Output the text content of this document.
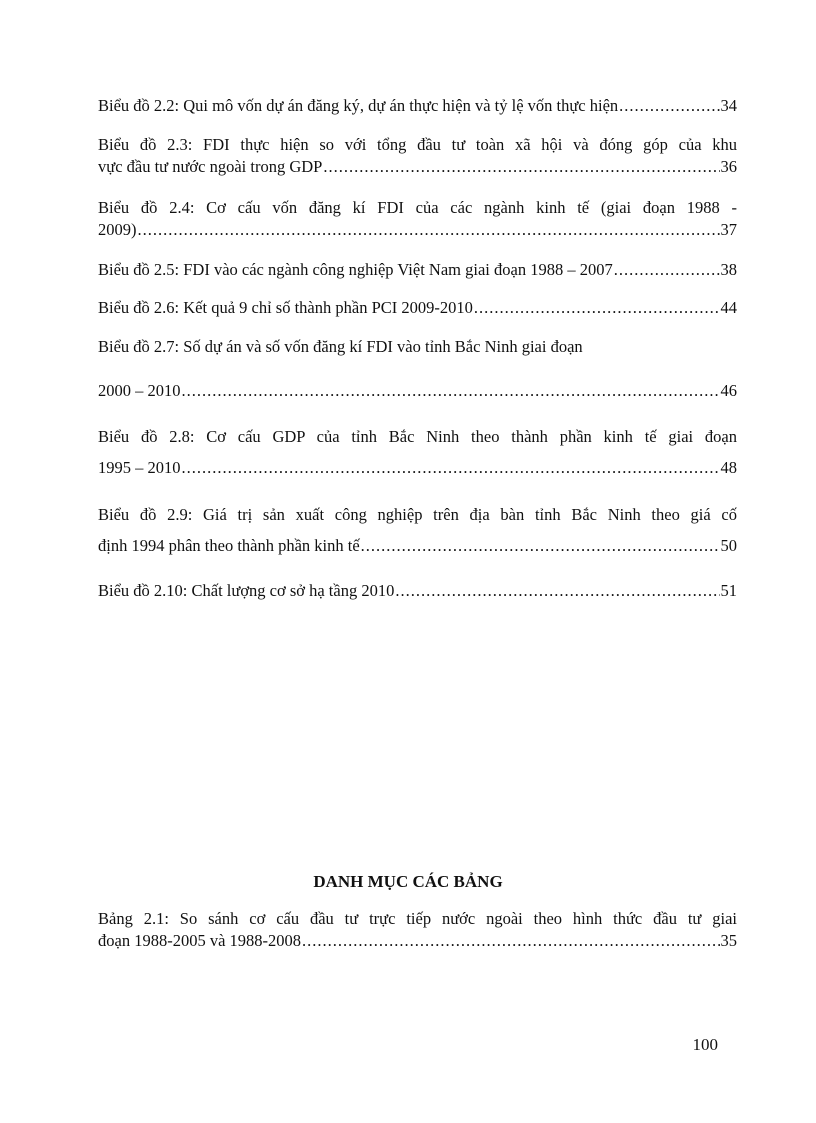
Biểu đồ 2.2: Qui mô vốn dự án đăng ký, dự án thực hiện và tỷ lệ vốn thực hiện .....	34
Biểu đồ 2.3: FDI thực hiện so với tổng đầu tư toàn xã hội và đóng góp của khu
vực đầu tư nước ngoài trong GDP .....	36
Biểu đồ 2.4: Cơ cấu vốn đăng kí FDI của các ngành kinh tế (giai đoạn 1988 -
2009) .....	37
Biểu đồ 2.5: FDI vào các ngành công nghiệp Việt Nam giai đoạn 1988 – 2007 .....	38
Biểu đồ 2.6: Kết quả 9 chỉ số thành phần PCI 2009-2010 .....	44
Biểu đồ 2.7: Số dự án và số vốn đăng kí FDI vào tỉnh Bắc Ninh giai đoạn
2000 – 2010 .....	46
Biểu đồ 2.8: Cơ cấu GDP của tỉnh Bắc Ninh theo thành phần kinh tế giai đoạn
1995 – 2010 .....	48
Biểu đồ 2.9: Giá trị sản xuất công nghiệp trên địa bàn tỉnh Bắc Ninh theo giá cố
định 1994 phân theo thành phần kinh tế .....	50
Biểu đồ 2.10: Chất lượng cơ sở hạ tầng 2010 .....	51
DANH MỤC CÁC BẢNG
Bảng 2.1: So sánh cơ cấu đầu tư trực tiếp nước ngoài theo hình thức đầu tư giai
đoạn 1988-2005 và 1988-2008 .....	35
100
